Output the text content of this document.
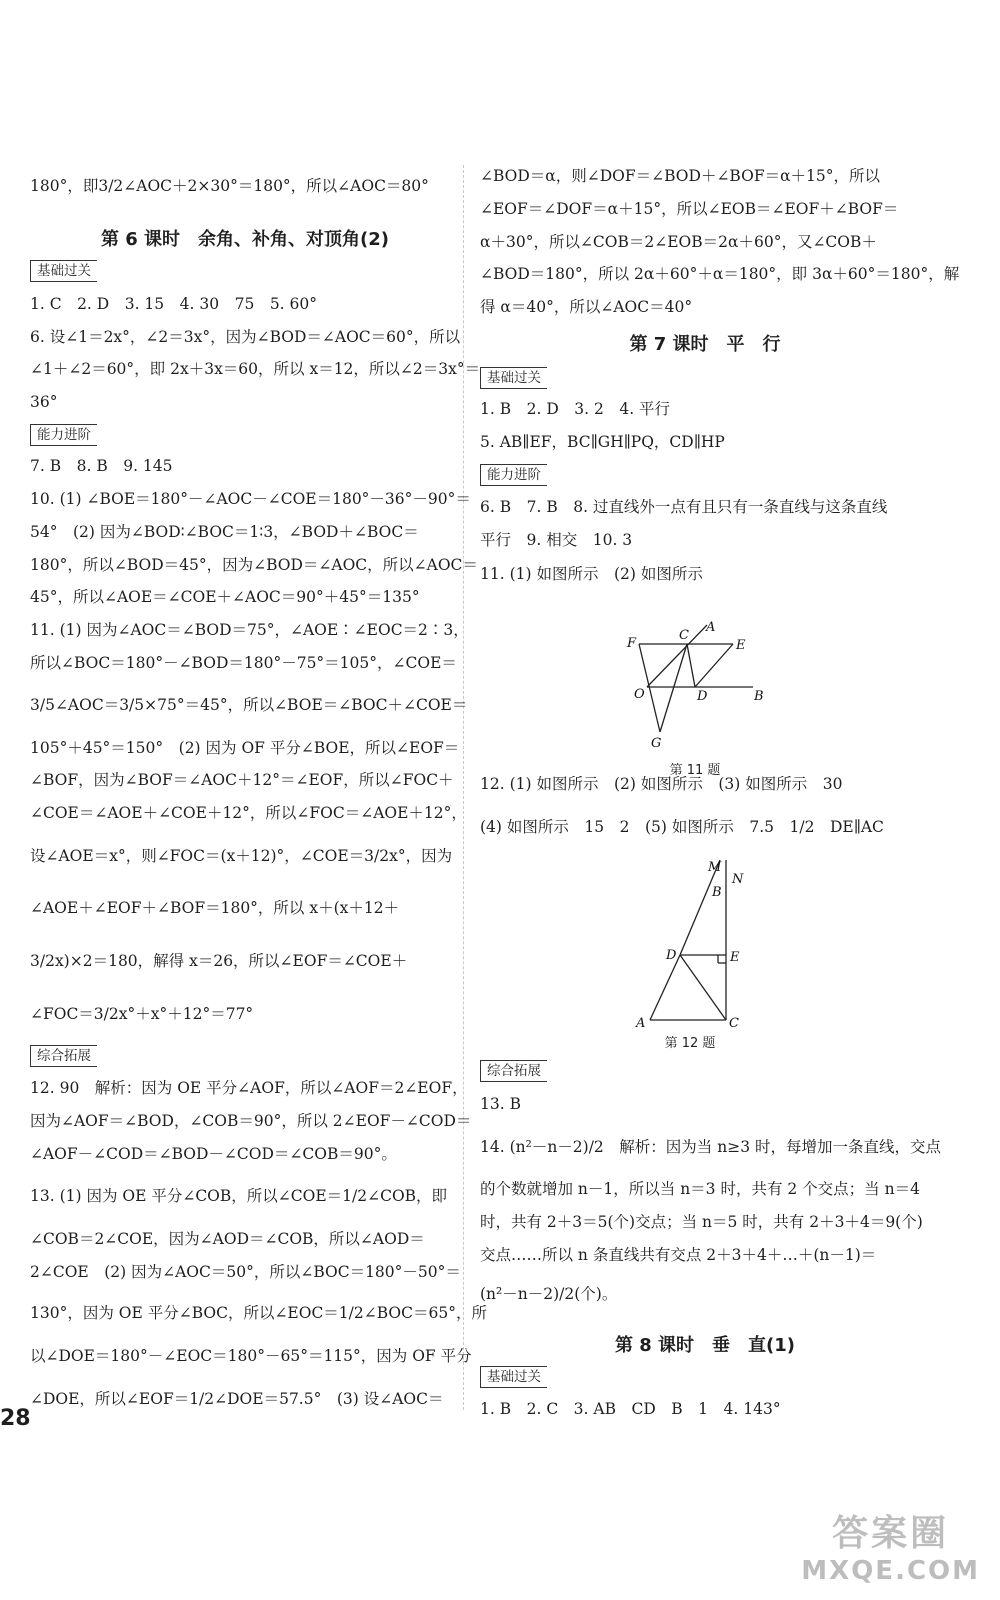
180°，即3/2∠AOC＋2×30°＝180°，所以∠AOC＝80°
第 6 课时　余角、补角、对顶角(2)
基础过关
1. C　2. D　3. 15　4. 30　75　5. 60°
6. 设∠1＝2x°，∠2＝3x°，因为∠BOD＝∠AOC＝60°，所以
∠1＋∠2＝60°，即 2x＋3x＝60，所以 x＝12，所以∠2＝3x°＝
36°
能力进阶
7. B　8. B　9. 145
10. (1) ∠BOE＝180°－∠AOC－∠COE＝180°－36°－90°＝
54°　(2) 因为∠BOD∶∠BOC＝1∶3，∠BOD＋∠BOC＝
180°，所以∠BOD＝45°，因为∠BOD＝∠AOC，所以∠AOC＝
45°，所以∠AOE＝∠COE＋∠AOC＝90°＋45°＝135°
11. (1) 因为∠AOC＝∠BOD＝75°，∠AOE∶∠EOC＝2∶3，
所以∠BOC＝180°－∠BOD＝180°－75°＝105°，∠COE＝
3/5∠AOC＝3/5×75°＝45°，所以∠BOE＝∠BOC＋∠COE＝
105°＋45°＝150°　(2) 因为 OF 平分∠BOE，所以∠EOF＝
∠BOF，因为∠BOF＝∠AOC＋12°＝∠EOF，所以∠FOC＋
∠COE＝∠AOE＋∠COE＋12°，所以∠FOC＝∠AOE＋12°，
设∠AOE＝x°，则∠FOC＝(x＋12)°，∠COE＝3/2x°，因为
∠AOE＋∠EOF＋∠BOF＝180°，所以 x＋(x＋12＋
3/2x)×2＝180，解得 x＝26，所以∠EOF＝∠COE＋
∠FOC＝3/2x°＋x°＋12°＝77°
综合拓展
12. 90　解析：因为 OE 平分∠AOF，所以∠AOF＝2∠EOF，
因为∠AOF＝∠BOD，∠COB＝90°，所以 2∠EOF－∠COD＝
∠AOF－∠COD＝∠BOD－∠COD＝∠COB＝90°。
13. (1) 因为 OE 平分∠COB，所以∠COE＝1/2∠COB，即
∠COB＝2∠COE，因为∠AOD＝∠COB，所以∠AOD＝
2∠COE　(2) 因为∠AOC＝50°，所以∠BOC＝180°－50°＝
130°，因为 OE 平分∠BOC，所以∠EOC＝1/2∠BOC＝65°，所
以∠DOE＝180°－∠EOC＝180°－65°＝115°，因为 OF 平分
∠DOE，所以∠EOF＝1/2∠DOE＝57.5°　(3) 设∠AOC＝
28
∠BOD＝α，则∠DOF＝∠BOD＋∠BOF＝α＋15°，所以
∠EOF＝∠DOF＝α＋15°，所以∠EOB＝∠EOF＋∠BOF＝
α＋30°，所以∠COB＝2∠EOB＝2α＋60°，又∠COB＋
∠BOD＝180°，所以 2α＋60°＋α＝180°，即 3α＋60°＝180°，解
得 α＝40°，所以∠AOC＝40°
第 7 课时　平　行
基础过关
1. B　2. D　3. 2　4. 平行
5. AB∥EF，BC∥GH∥PQ，CD∥HP
能力进阶
6. B　7. B　8. 过直线外一点有且只有一条直线与这条直线
平行　9. 相交　10. 3
11. (1) 如图所示　(2) 如图所示
A
C
F	E
O	D	B
G
第 11 题
12. (1) 如图所示　(2) 如图所示　(3) 如图所示　30
(4) 如图所示　15　2　(5) 如图所示　7.5　1/2　DE∥AC
M
N
B
D	E
A	C
第 12 题
综合拓展
13. B
14. (n²－n－2)/2　解析：因为当 n≥3 时，每增加一条直线，交点
的个数就增加 n－1，所以当 n＝3 时，共有 2 个交点；当 n＝4
时，共有 2＋3＝5(个)交点；当 n＝5 时，共有 2＋3＋4＝9(个)
交点……所以 n 条直线共有交点 2＋3＋4＋…＋(n－1)＝
(n²－n－2)/2(个)。
第 8 课时　垂　直(1)
基础过关
1. B　2. C　3. AB　CD　B　1　4. 143°
答案圈
MXQE.COM
